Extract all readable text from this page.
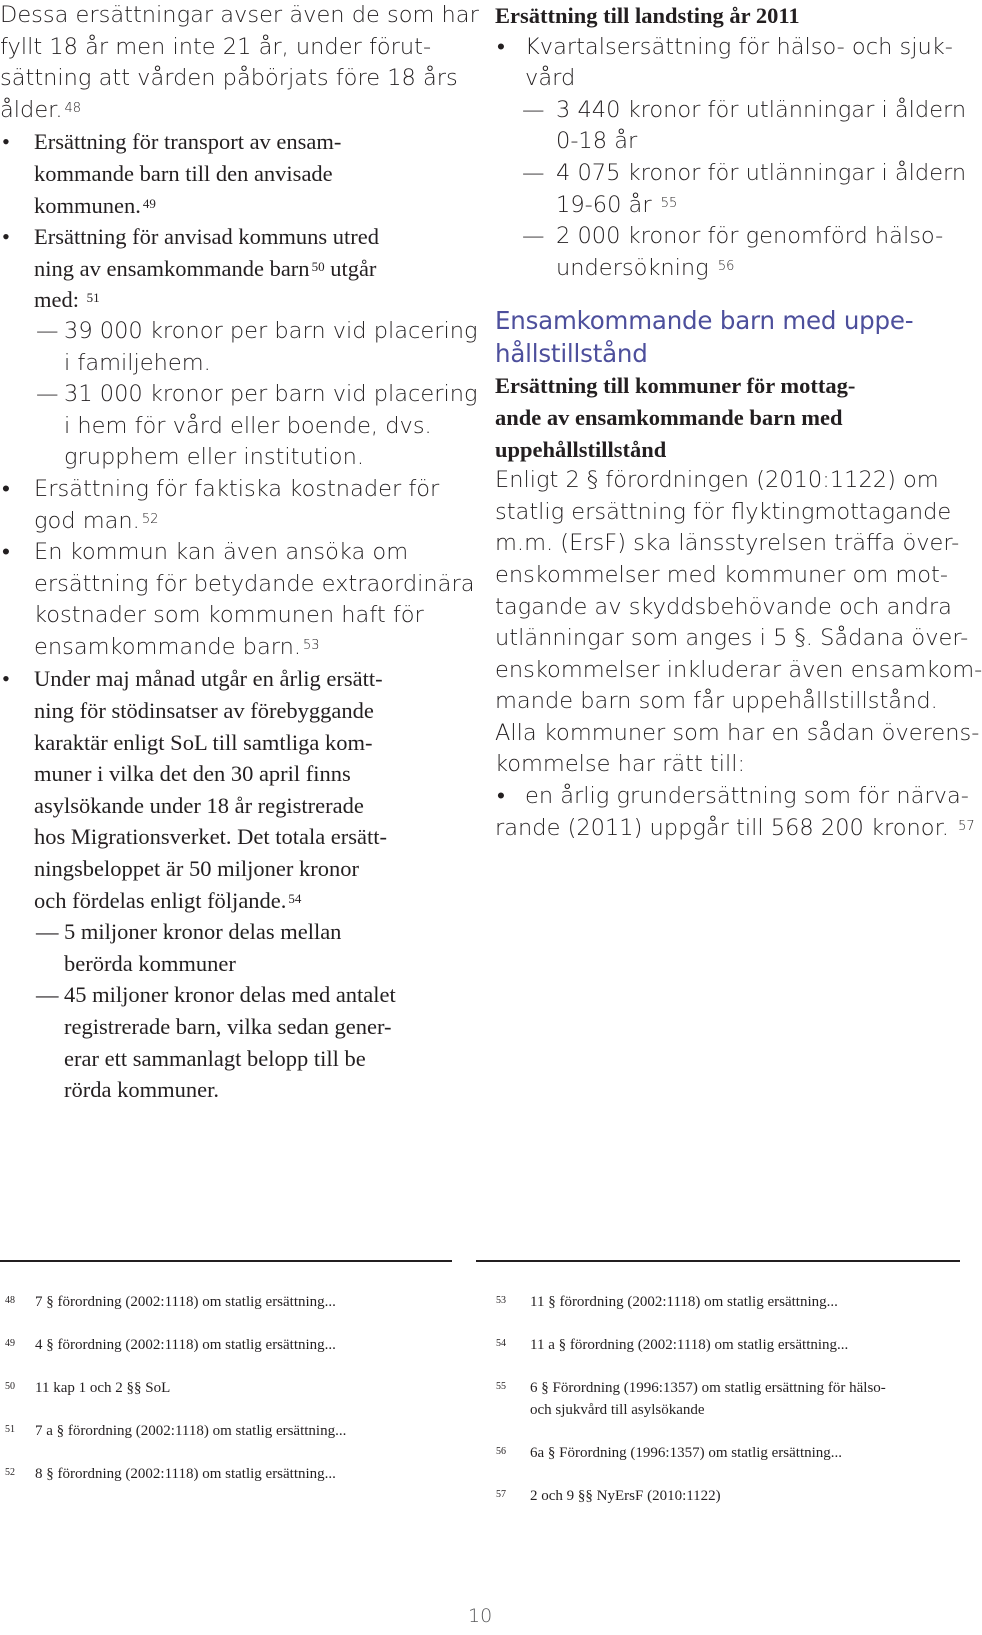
Dessa ersättningar avser även de som har
fyllt 18 år men inte 21 år, under förut-
sättning att vården påbörjats före 18 års
ålder. $^{48}$
• Ersättning för transport av ensam-
kommande barn till den anvisade
kommunen. $^{49}$
• Ersättning för anvisad kommuns utred
ning av ensamkommande barn $^{50}$ utgår
med: $^{51}$
— 39 000 kronor per barn vid placering
i familjehem.
— 31 000 kronor per barn vid placering
i hem för vård eller boende, dvs.
grupphem eller institution.
• Ersättning för faktiska kostnader för
god man. $^{52}$
• En kommun kan även ansöka om
ersättning för betydande extraordinära
kostnader som kommunen haft för
ensamkommande barn. $^{53}$
• Under maj månad utgår en årlig ersätt-
ning för stödinsatser av förebyggande
karaktär enligt SoL till samtliga kom-
muner i vilka det den 30 april finns
asylsökande under 18 år registrerade
hos Migrationsverket. Det totala ersätt-
ningsbeloppet är 50 miljoner kronor
och fördelas enligt följande. $^{54}$
— 5 miljoner kronor delas mellan
berörda kommuner
— 45 miljoner kronor delas med antalet
registrerade barn, vilka sedan gener-
erar ett sammanlagt belopp till be
rörda kommuner.
Ersättning till landsting år 2011
• Kvartalsersättning för hälso- och sjuk-
vård
— 3 440 kronor för utlänningar i åldern
0-18 år
— 4 075 kronor för utlänningar i åldern
19-60 år $^{55}$
— 2 000 kronor för genomförd hälso-
undersökning $^{56}$
Ensamkommande barn med uppe-
hållstillstånd
Ersättning till kommuner för mottag-
ande av ensamkommande barn med
uppehållstillstånd
Enligt 2 § förordningen (2010:1122) om
statlig ersättning för flyktingmottagande
m.m. (ErsF) ska länsstyrelsen träffa över-
enskommelser med kommuner om mot-
tagande av skyddsbehövande och andra
utlänningar som anges i 5 §. Sådana över-
enskommelser inkluderar även ensamkom-
mande barn som får uppehållstillstånd.
Alla kommuner som har en sådan överens-
kommelse har rätt till:
• en årlig grundersättning som för närva-
rande (2011) uppgår till 568 200 kronor. $^{57}$
48 7 § förordning (2002:1118) om statlig ersättning...
49 4 § förordning (2002:1118) om statlig ersättning...
50 11 kap 1 och 2 §§ SoL
51 7 a § förordning (2002:1118) om statlig ersättning...
52 8 § förordning (2002:1118) om statlig ersättning...
53 11 § förordning (2002:1118) om statlig ersättning...
54 11 a § förordning (2002:1118) om statlig ersättning...
55 6 § Förordning (1996:1357) om statlig ersättning för hälso-
och sjukvård till asylsökande
56 6a § Förordning (1996:1357) om statlig ersättning...
57 2 och 9 §§ NyErsF (2010:1122)
10
